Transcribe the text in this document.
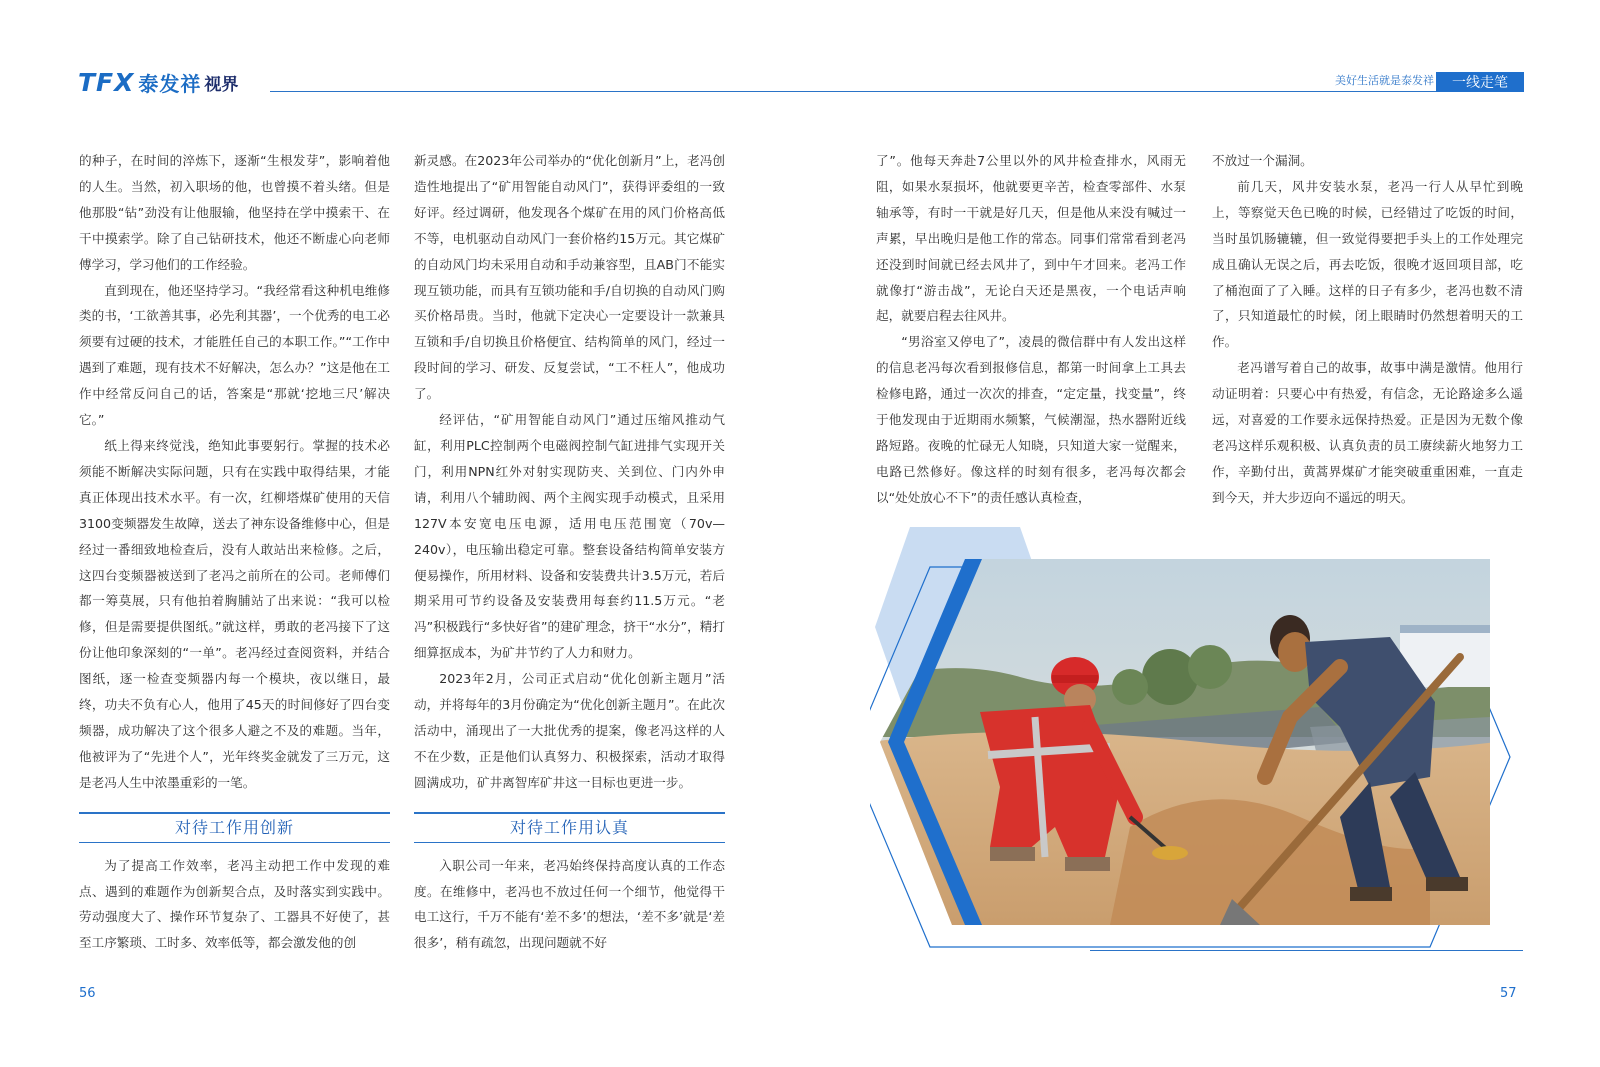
TFX 泰发祥 视界	美好生活就是泰发祥	一线走笔

的种子，在时间的淬炼下，逐渐“生根发芽”，影响着他的人生。当然，初入职场的他，也曾摸不着头绪。但是他那股“钻”劲没有让他服输，他坚持在学中摸索干、在干中摸索学。除了自己钻研技术，他还不断虚心向老师傅学习，学习他们的工作经验。

直到现在，他还坚持学习。“我经常看这种机电维修类的书，‘工欲善其事，必先利其器’，一个优秀的电工必须要有过硬的技术，才能胜任自己的本职工作。”“工作中遇到了难题，现有技术不好解决，怎么办？”这是他在工作中经常反问自己的话，答案是“那就‘挖地三尺’解决它。”

纸上得来终觉浅，绝知此事要躬行。掌握的技术必须能不断解决实际问题，只有在实践中取得结果，才能真正体现出技术水平。有一次，红柳塔煤矿使用的天信3100变频器发生故障，送去了神东设备维修中心，但是经过一番细致地检查后，没有人敢站出来检修。之后，这四台变频器被送到了老冯之前所在的公司。老师傅们都一筹莫展，只有他拍着胸脯站了出来说：“我可以检修，但是需要提供图纸。”就这样，勇敢的老冯接下了这份让他印象深刻的“一单”。老冯经过查阅资料，并结合图纸，逐一检查变频器内每一个模块，夜以继日，最终，功夫不负有心人，他用了45天的时间修好了四台变频器，成功解决了这个很多人避之不及的难题。当年，他被评为了“先进个人”，光年终奖金就发了三万元，这是老冯人生中浓墨重彩的一笔。

对待工作用创新

为了提高工作效率，老冯主动把工作中发现的难点、遇到的难题作为创新契合点，及时落实到实践中。劳动强度大了、操作环节复杂了、工器具不好使了，甚至工序繁琐、工时多、效率低等，都会激发他的创

新灵感。在2023年公司举办的“优化创新月”上，老冯创造性地提出了“矿用智能自动风门”，获得评委组的一致好评。经过调研，他发现各个煤矿在用的风门价格高低不等，电机驱动自动风门一套价格约15万元。其它煤矿的自动风门均未采用自动和手动兼容型，且AB门不能实现互锁功能，而具有互锁功能和手/自切换的自动风门购买价格昂贵。当时，他就下定决心一定要设计一款兼具互锁和手/自切换且价格便宜、结构简单的风门，经过一段时间的学习、研发、反复尝试，“工不枉人”，他成功了。

经评估，“矿用智能自动风门”通过压缩风推动气缸，利用PLC控制两个电磁阀控制气缸进排气实现开关门，利用NPN红外对射实现防夹、关到位、门内外申请，利用八个辅助阀、两个主阀实现手动模式，且采用127V本安宽电压电源，适用电压范围宽（70v—240v），电压输出稳定可靠。整套设备结构简单安装方便易操作，所用材料、设备和安装费共计3.5万元，若后期采用可节约设备及安装费用每套约11.5万元。“老冯”积极践行“多快好省”的建矿理念，挤干“水分”，精打细算抠成本，为矿井节约了人力和财力。

2023年2月，公司正式启动“优化创新主题月”活动，并将每年的3月份确定为“优化创新主题月”。在此次活动中，涌现出了一大批优秀的提案，像老冯这样的人不在少数，正是他们认真努力、积极探索，活动才取得圆满成功，矿井离智库矿井这一目标也更进一步。

对待工作用认真

入职公司一年来，老冯始终保持高度认真的工作态度。在维修中，老冯也不放过任何一个细节，他觉得干电工这行，千万不能有‘差不多’的想法，‘差不多’就是‘差很多’，稍有疏忽，出现问题就不好

了”。他每天奔赴7公里以外的风井检查排水，风雨无阻，如果水泵损坏，他就要更辛苦，检查零部件、水泵轴承等，有时一干就是好几天，但是他从来没有喊过一声累，早出晚归是他工作的常态。同事们常常看到老冯还没到时间就已经去风井了，到中午才回来。老冯工作就像打“游击战”，无论白天还是黑夜，一个电话声响起，就要启程去往风井。

“男浴室又停电了”，凌晨的微信群中有人发出这样的信息老冯每次看到报修信息，都第一时间拿上工具去检修电路，通过一次次的排查，“定定量，找变量”，终于他发现由于近期雨水频繁，气候潮湿，热水器附近线路短路。夜晚的忙碌无人知晓，只知道大家一觉醒来，电路已然修好。像这样的时刻有很多，老冯每次都会以“处处放心不下”的责任感认真检查，

不放过一个漏洞。

前几天，风井安装水泵，老冯一行人从早忙到晚上，等察觉天色已晚的时候，已经错过了吃饭的时间，当时虽饥肠辘辘，但一致觉得要把手头上的工作处理完成且确认无误之后，再去吃饭，很晚才返回项目部，吃了桶泡面了了入睡。这样的日子有多少，老冯也数不清了，只知道最忙的时候，闭上眼睛时仍然想着明天的工作。

老冯谱写着自己的故事，故事中满是激情。他用行动证明着：只要心中有热爱，有信念，无论路途多么遥远，对喜爱的工作要永远保持热爱。正是因为无数个像老冯这样乐观积极、认真负责的员工赓续薪火地努力工作，辛勤付出，黄蒿界煤矿才能突破重重困难，一直走到今天，并大步迈向不遥远的明天。

56	57
